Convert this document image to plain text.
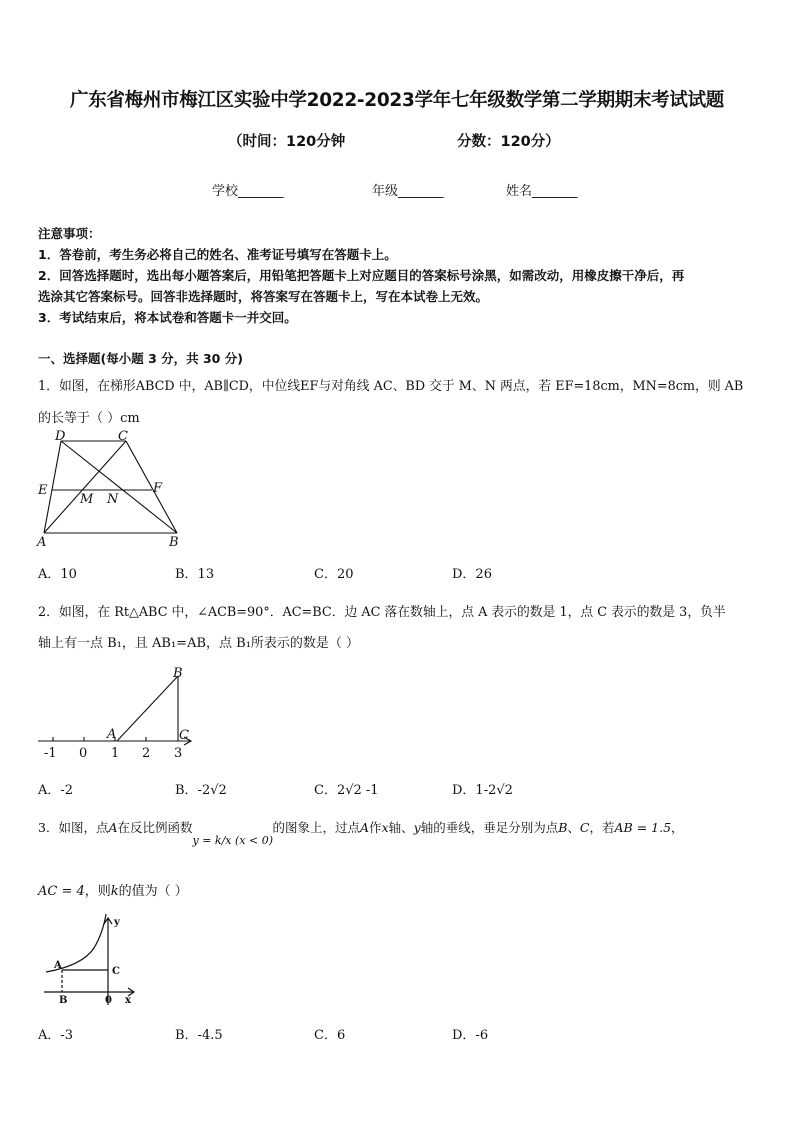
广东省梅州市梅江区实验中学2022-2023学年七年级数学第二学期期末考试试题
（时间：120分钟	分数：120分）
学校_______	年级_______	姓名_______
注意事项：
1．答卷前，考生务必将自己的姓名、准考证号填写在答题卡上。
2．回答选择题时，选出每小题答案后，用铅笔把答题卡上对应题目的答案标号涂黑，如需改动，用橡皮擦干净后，再
选涂其它答案标号。回答非选择题时，将答案写在答题卡上，写在本试卷上无效。
3．考试结束后，将本试卷和答题卡一并交回。
一、选择题(每小题 3 分，共 30 分)
1．如图，在梯形ABCD 中，AB∥CD，中位线EF与对角线 AC、BD 交于 M、N 两点，若 EF=18cm，MN=8cm，则 AB
的长等于（ ）cm
D	C
E
M N
F
A	B
A．10	B．13	C．20	D．26
2．如图，在 Rt△ABC 中，∠ACB=90°．AC=BC．边 AC 落在数轴上，点 A 表示的数是 1，点 C 表示的数是 3，负半
轴上有一点 B₁，且 AB₁=AB，点 B₁所表示的数是（ ）
B
A	C
-1 0 1 2 3
A．-2	B．-2√2	C．2√2 -1	D．1-2√2
3．如图，点A在反比例函数y = k/x (x < 0)的图象上，过点A作x轴、y轴的垂线，垂足分别为点B、C，若AB = 1.5，
AC = 4，则k的值为（ ）
y
A
C
B	0 x
A．-3	B．-4.5	C．6	D．-6
